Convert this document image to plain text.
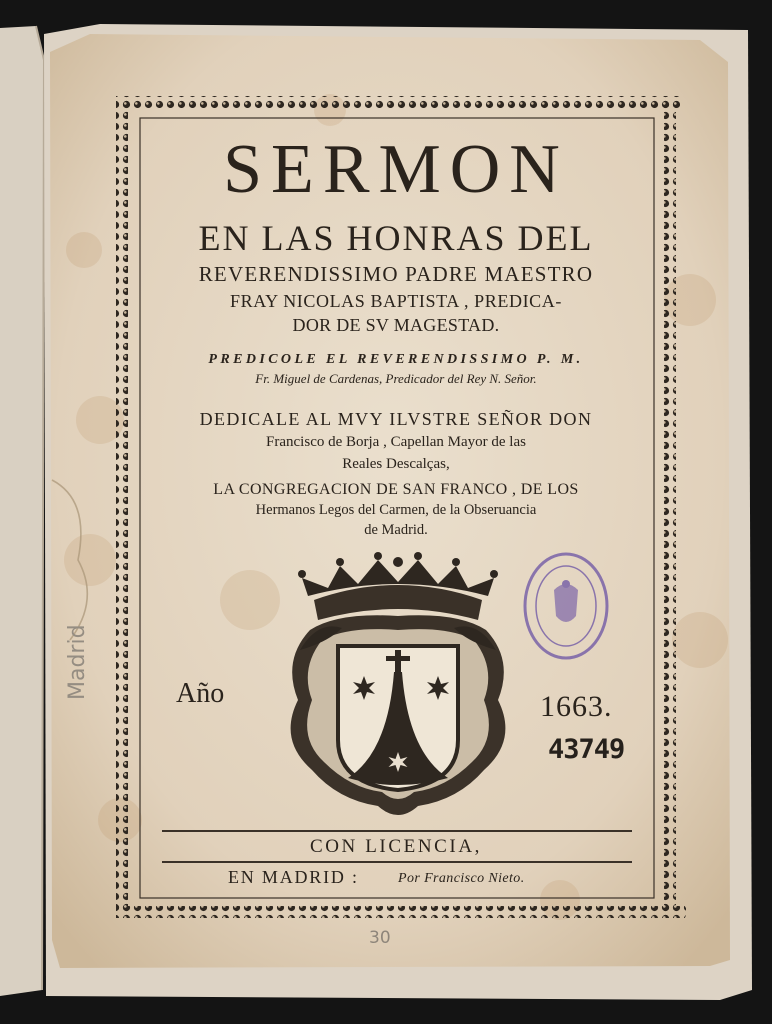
SERMON
EN LAS HONRAS DEL
REVERENDISSIMO PADRE MAESTRO
FRAY NICOLAS BAPTISTA , PREDICA-
DOR DE SV MAGESTAD.
PREDICOLE EL REVERENDISSIMO P. M.
Fr. Miguel de Cardenas, Predicador del Rey N. Señor.
DEDICALE AL MVY ILVSTRE SEÑOR DON
Francisco de Borja , Capellan Mayor de las
Reales Descalças,
LA CONGREGACION DE SAN FRANCO , DE LOS
Hermanos Legos del Carmen, de la Obseruancia
de Madrid.
Año	1663.
43749
CON LICENCIA,
EN MADRID :	Por Francisco Nieto.
30
Madrid
